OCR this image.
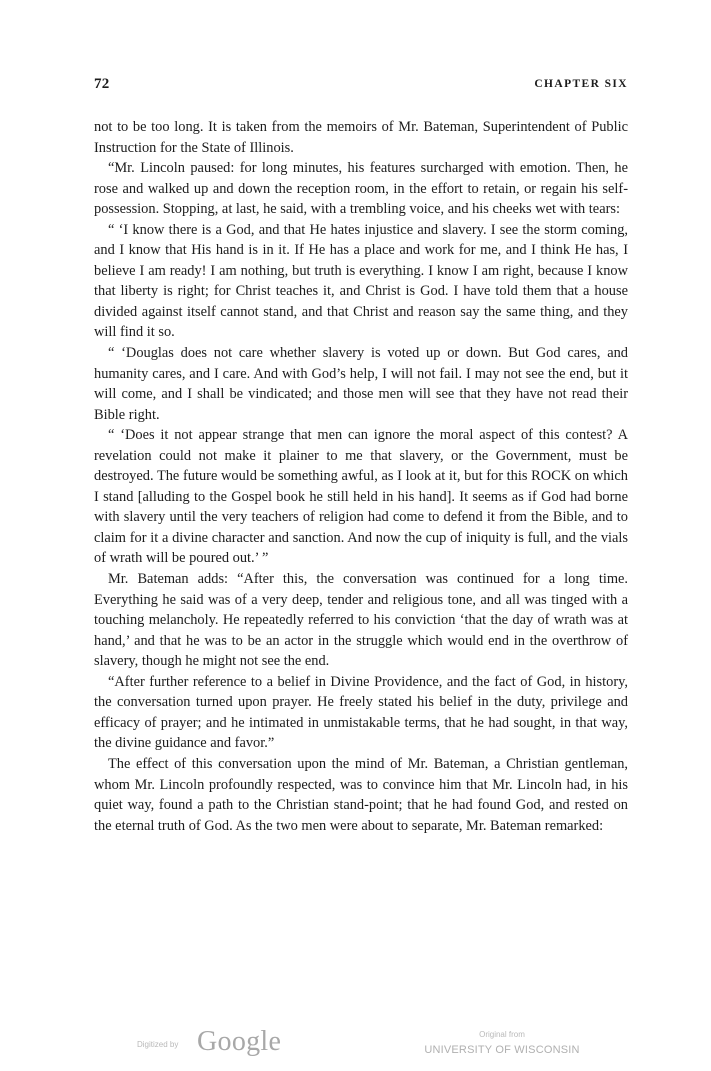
72	CHAPTER SIX

not to be too long. It is taken from the memoirs of Mr. Bateman, Superintendent of Public Instruction for the State of Illinois.

“Mr. Lincoln paused: for long minutes, his features surcharged with emotion. Then, he rose and walked up and down the reception room, in the effort to retain, or regain his self-possession. Stopping, at last, he said, with a trembling voice, and his cheeks wet with tears:

“ ‘I know there is a God, and that He hates injustice and slavery. I see the storm coming, and I know that His hand is in it. If He has a place and work for me, and I think He has, I believe I am ready! I am nothing, but truth is everything. I know I am right, because I know that liberty is right; for Christ teaches it, and Christ is God. I have told them that a house divided against itself cannot stand, and that Christ and reason say the same thing, and they will find it so.

“ ‘Douglas does not care whether slavery is voted up or down. But God cares, and humanity cares, and I care. And with God’s help, I will not fail. I may not see the end, but it will come, and I shall be vindicated; and those men will see that they have not read their Bible right.

“ ‘Does it not appear strange that men can ignore the moral aspect of this contest? A revelation could not make it plainer to me that slavery, or the Government, must be destroyed. The future would be something awful, as I look at it, but for this ROCK on which I stand [alluding to the Gospel book he still held in his hand]. It seems as if God had borne with slavery until the very teachers of religion had come to defend it from the Bible, and to claim for it a divine character and sanction. And now the cup of iniquity is full, and the vials of wrath will be poured out.’ ”

Mr. Bateman adds: “After this, the conversation was continued for a long time. Everything he said was of a very deep, tender and religious tone, and all was tinged with a touching melancholy. He repeatedly referred to his conviction ‘that the day of wrath was at hand,’ and that he was to be an actor in the struggle which would end in the overthrow of slavery, though he might not see the end.

“After further reference to a belief in Divine Providence, and the fact of God, in history, the conversation turned upon prayer. He freely stated his belief in the duty, privilege and efficacy of prayer; and he intimated in unmistakable terms, that he had sought, in that way, the divine guidance and favor.”

The effect of this conversation upon the mind of Mr. Bateman, a Christian gentleman, whom Mr. Lincoln profoundly respected, was to convince him that Mr. Lincoln had, in his quiet way, found a path to the Christian stand-point; that he had found God, and rested on the eternal truth of God. As the two men were about to separate, Mr. Bateman remarked:

Digitized by Google	Original from
UNIVERSITY OF WISCONSIN
